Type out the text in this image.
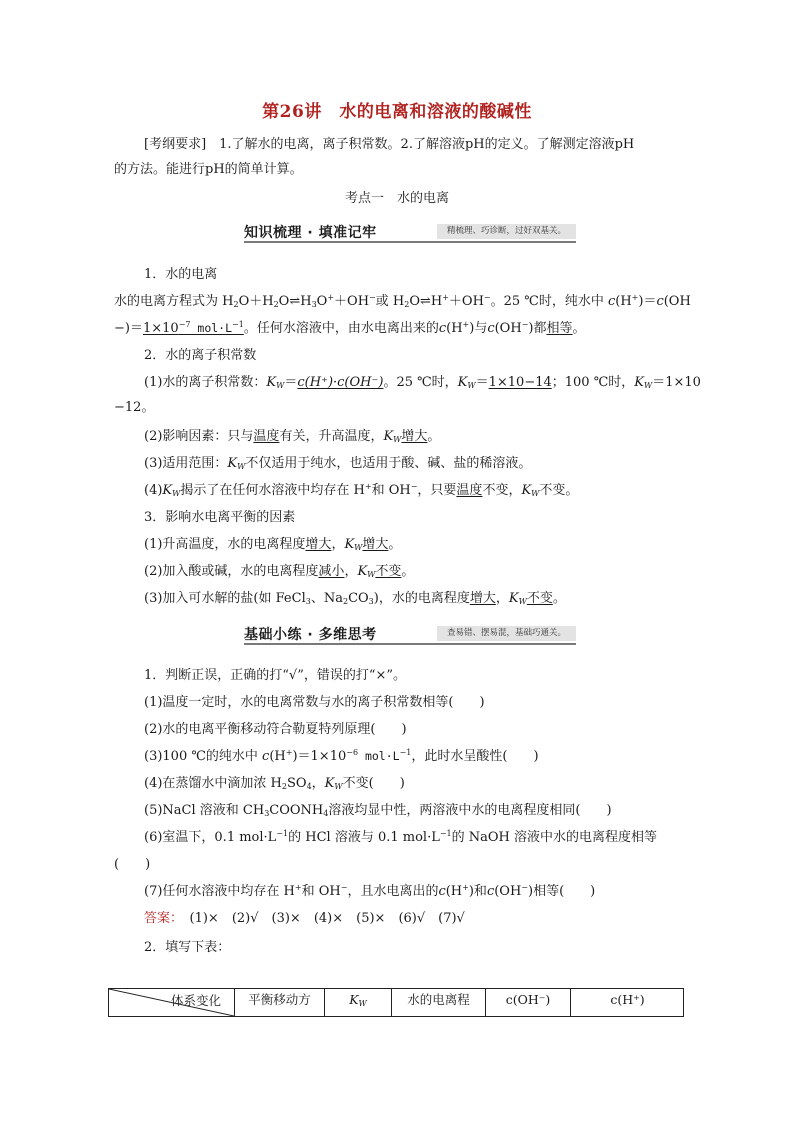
第26讲　水的电离和溶液的酸碱性
[考纲要求]　1.了解水的电离，离子积常数。2.了解溶液pH的定义。了解测定溶液pH
的方法。能进行pH的简单计算。
考点一　水的电离
知识梳理 · 填准记牢	精梳理、巧诊断，过好双基关。
1．水的电离
水的电离方程式为 $H_2O+H_2O\rightleftharpoons H_3O^++OH^-$或 $H_2O\rightleftharpoons H^++OH^-$。25 ℃时，纯水中 c(H+)＝c(OH
$-)=1\times 10^{-7}$ $mol\cdot L^{-1}$。任何水溶液中，由水电离出来的c(H+)与c(OH−)都相等。
2．水的离子积常数
(1)水的离子积常数：$K_W=c(H^+)\cdot c(OH^-)$。25 ℃时，$K_W=1\times 10-14$；100 ℃时，$K_W=1\times 10$
−12。
(2)影响因素：只与温度有关，升高温度，$K_W$增大。
(3)适用范围：$K_W$不仅适用于纯水，也适用于酸、碱、盐的稀溶液。
$(4)K_W$揭示了在任何水溶液中均存在 H+和 OH−，只要温度不变，$K_W$不变。
3．影响水电离平衡的因素
(1)升高温度，水的电离程度增大，$K_W$增大。
(2)加入酸或碱，水的电离程度减小，$K_W$不变。
(3)加入可水解的盐(如 FeCl$_3$、$Na_2CO_3$)，水的电离程度增大，$K_W$不变。
基础小练 · 多维思考	查易错、摆易混，基础巧通关。
1．判断正误，正确的打“√”，错误的打“×”。
(1)温度一定时，水的电离常数与水的离子积常数相等(　　)
(2)水的电离平衡移动符合勒夏特列原理(　　)
(3)100 ℃的纯水中 $c(H^+)=1\times 10^{-6}$ $mol\cdot L^{-1}$，此时水呈酸性(　　)
(4)在蒸馏水中滴加浓 $H_2SO_4$，$K_W$不变(　　)
(5)NaCl 溶液和 $CH_3COONH_4$溶液均显中性，两溶液中水的电离程度相同(　　)
(6)室温下，0.1 $mol\cdot L^{-1}$的 HCl 溶液与 0.1 $mol\cdot L^{-1}$的 NaOH 溶液中水的电离程度相等
(　　)
(7)任何水溶液中均存在 H+和 OH−，且水电离出的c(H+)和c(OH−)相等(　　)
答案：　(1)×　(2)√　(3)×　(4)×　(5)×　(6)√　(7)√
2．填写下表：
体系变化	平衡移动方	$K_W$	水的电离程	c(OH⁻)	c(H⁺)
